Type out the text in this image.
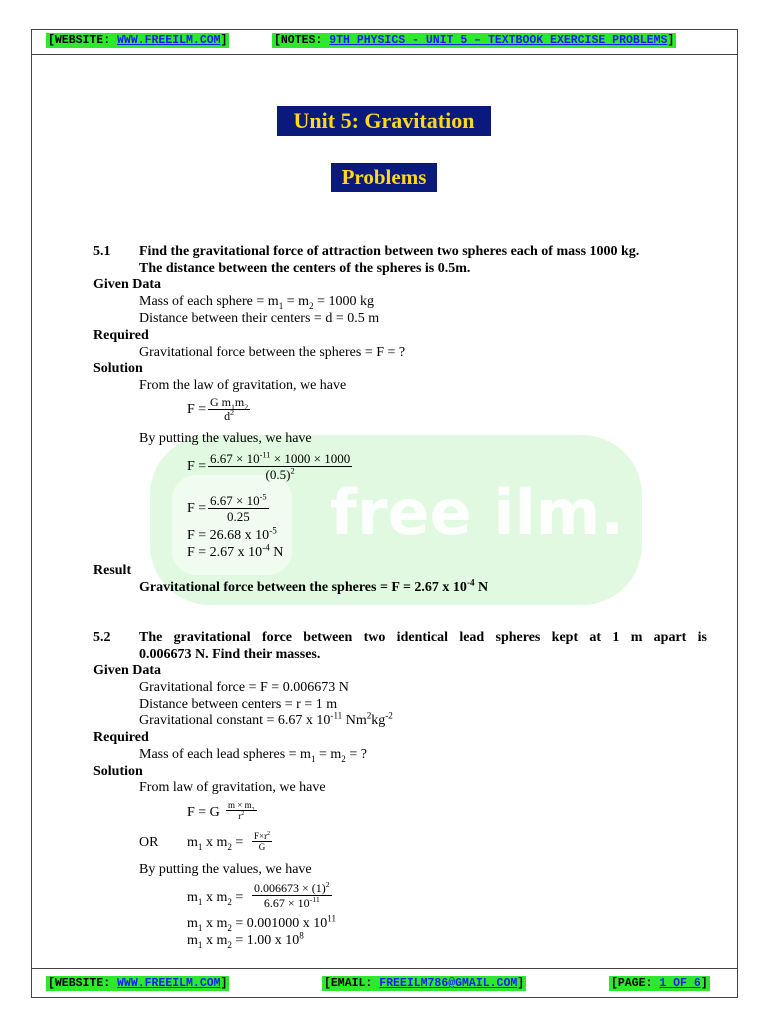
[WEBSITE: WWW.FREEILM.COM]	[NOTES: 9TH PHYSICS - UNIT 5 – TEXTBOOK EXERCISE PROBLEMS]
Unit 5: Gravitation
Problems
free ilm.
5.1 Find the gravitational force of attraction between two spheres each of mass 1000 kg.
The distance between the centers of the spheres is 0.5m.
Given Data
Mass of each sphere = $m_1 = m_2 = 1000$ kg
Distance between their centers = d = 0.5 m
Required
Gravitational force between the spheres = F = ?
Solution
From the law of gravitation, we have
$F = \frac{G m_1m_2}{d^2}$
By putting the values, we have
$F = \frac{6.67 \times 10^{-11} \times 1000 \times 1000}{(0.5)^2}$
$F = \frac{6.67 \times 10^{-5}}{0.25}$
F = 26.68 x $10^{-5}$
F = 2.67 x $10^{-4}$ N
Result
Gravitational force between the spheres = F = 2.67 x $10^{-4}$ N
5.2 The gravitational force between two identical lead spheres kept at 1 m apart is
0.006673 N. Find their masses.
Given Data
Gravitational force = F = 0.006673 N
Distance between centers = r = 1 m
Gravitational constant = 6.67 x $10^{-11}$ $Nm^2kg^{-2}$
Required
Mass of each lead spheres = $m_1 = m_2$ = ?
Solution
From law of gravitation, we have
F = G $\frac{m \times m_2}{r^2}$
OR $m_1$ x $m_2 = \frac{F\times r^2}{G}$
By putting the values, we have
$m_1$ x $m_2 = \frac{0.006673 \times (1)^2}{6.67 \times 10^{-11}}$
$m_1$ x $m_2 = 0.001000$ x $10^{11}$
$m_1$ x $m_2 = 1.00$ x $10^8$
[WEBSITE: WWW.FREEILM.COM]	[EMAIL: FREEILM786@GMAIL.COM]	[PAGE: 1 OF 6]
